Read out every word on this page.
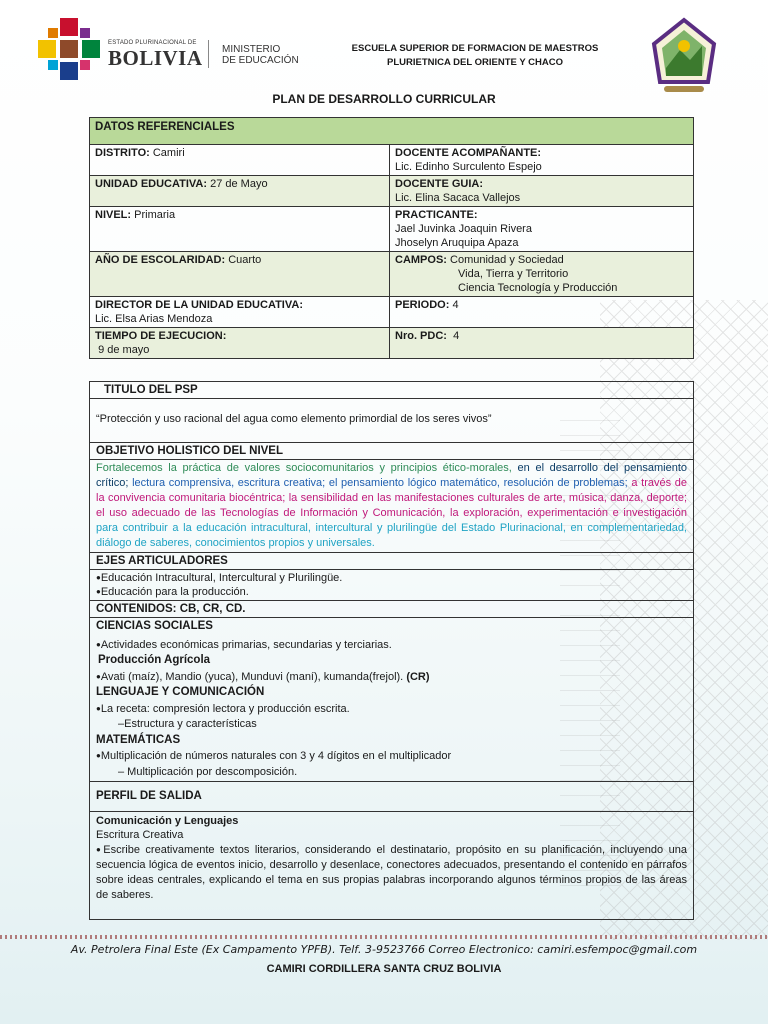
ESTADO PLURINACIONAL DE
BOLIVIA MINISTERIO
DE EDUCACIÓN
ESCUELA SUPERIOR DE FORMACION DE MAESTROS
PLURIETNICA DEL ORIENTE Y CHACO
PLAN DE DESARROLLO CURRICULAR
DATOS REFERENCIALES	
DISTRITO: Camiri	DOCENTE ACOMPAÑANTE:
Lic. Edinho Surculento Espejo
UNIDAD EDUCATIVA: 27 de Mayo	DOCENTE GUIA:
Lic. Elina Sacaca Vallejos
NIVEL: Primaria	PRACTICANTE:
Jael Juvinka Joaquin Rivera
Jhoselyn Aruquipa Apaza
AÑO DE ESCOLARIDAD: Cuarto	CAMPOS: Comunidad y Sociedad
Vida, Tierra y Territorio
Ciencia Tecnología y Producción

DIRECTOR DE LA UNIDAD EDUCATIVA:
Lic. Elsa Arias Mendoza	PERIODO: 4
TIEMPO DE EJECUCION:
9 de mayo	Nro. PDC: 4
TITULO DEL PSP
“Protección y uso racional del agua como elemento primordial de los seres vivos”
OBJETIVO HOLISTICO DEL NIVEL
Fortalecemos la práctica de valores sociocomunitarios y principios ético-morales, en el desarrollo del pensamiento crítico; lectura comprensiva, escritura creativa; el pensamiento lógico matemático, resolución de problemas; a través de la convivencia comunitaria biocéntrica; la sensibilidad en las manifestaciones culturales de arte, música, danza, deporte; el uso adecuado de las Tecnologías de Información y Comunicación, la exploración, experimentación e investigación para contribuir a la educación intracultural, intercultural y plurilingüe del Estado Plurinacional, en complementariedad, diálogo de saberes, conocimientos propios y universales.
EJES ARTICULADORES
● Educación Intracultural, Intercultural y Plurilingüe.
● Educación para la producción.
CONTENIDOS: CB, CR, CD.

CIENCIAS SOCIALES
● Actividades económicas primarias, secundarias y terciarias.
Producción Agrícola
● Avati (maíz), Mandio (yuca), Munduvi (maní), kumanda(frejol). (CR)
LENGUAJE Y COMUNICACIÓN
● La receta: compresión lectora y producción escrita.
–Estructura y características
MATEMÁTICAS
● Multiplicación de números naturales con 3 y 4 dígitos en el multiplicador
– Multiplicación por descomposición.

PERFIL DE SALIDA

Comunicación y Lenguajes
Escritura Creativa
● Escribe creativamente textos literarios, considerando el destinatario, propósito en su planificación, incluyendo una secuencia lógica de eventos inicio, desarrollo y desenlace, conectores adecuados, presentando el contenido en párrafos sobre ideas centrales, explicando el tema en sus propias palabras incorporando algunos términos propios de las áreas de saberes.
Av. Petrolera Final Este (Ex Campamento YPFB). Telf. 3-9523766 Correo Electronico: camiri.esfempoc@gmail.com
CAMIRI CORDILLERA SANTA CRUZ BOLIVIA
